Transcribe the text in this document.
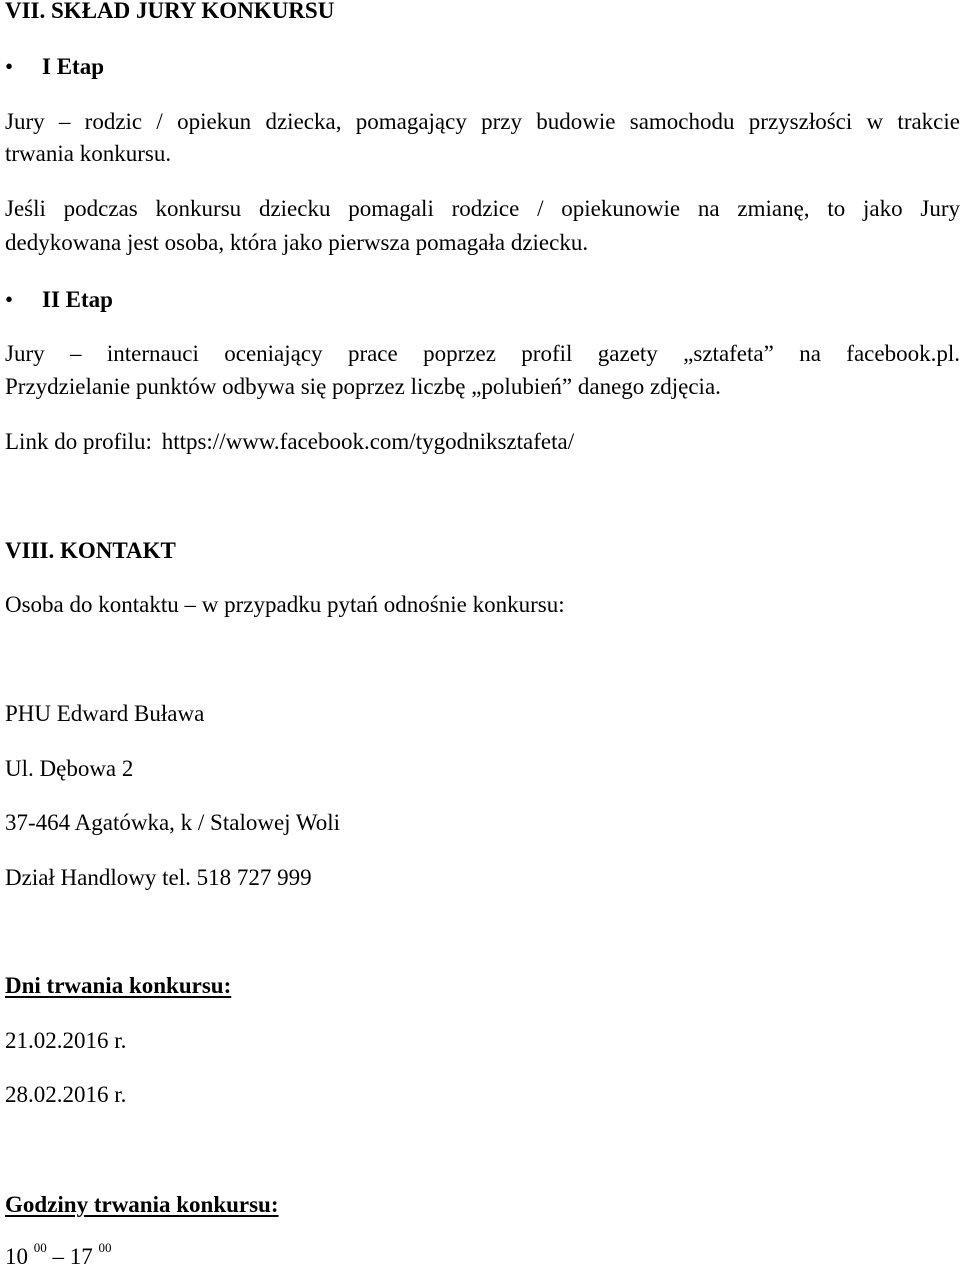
VII. SKŁAD JURY KONKURSU
• I Etap
Jury – rodzic / opiekun dziecka, pomagający przy budowie samochodu przyszłości w trakcie
trwania konkursu.
Jeśli podczas konkursu dziecku pomagali rodzice / opiekunowie na zmianę, to jako Jury
dedykowana jest osoba, która jako pierwsza pomagała dziecku.
• II Etap
Jury – internauci oceniający prace poprzez profil gazety „sztafeta” na facebook.pl.
Przydzielanie punktów odbywa się poprzez liczbę „polubień” danego zdjęcia.
Link do profilu: https://www.facebook.com/tygodniksztafeta/
VIII. KONTAKT
Osoba do kontaktu – w przypadku pytań odnośnie konkursu:
PHU Edward Buława
Ul. Dębowa 2
37-464 Agatówka, k / Stalowej Woli
Dział Handlowy tel. 518 727 999
Dni trwania konkursu:
21.02.2016 r.
28.02.2016 r.
Godziny trwania konkursu:
10 $^{00}$ – 17 $^{00}$
